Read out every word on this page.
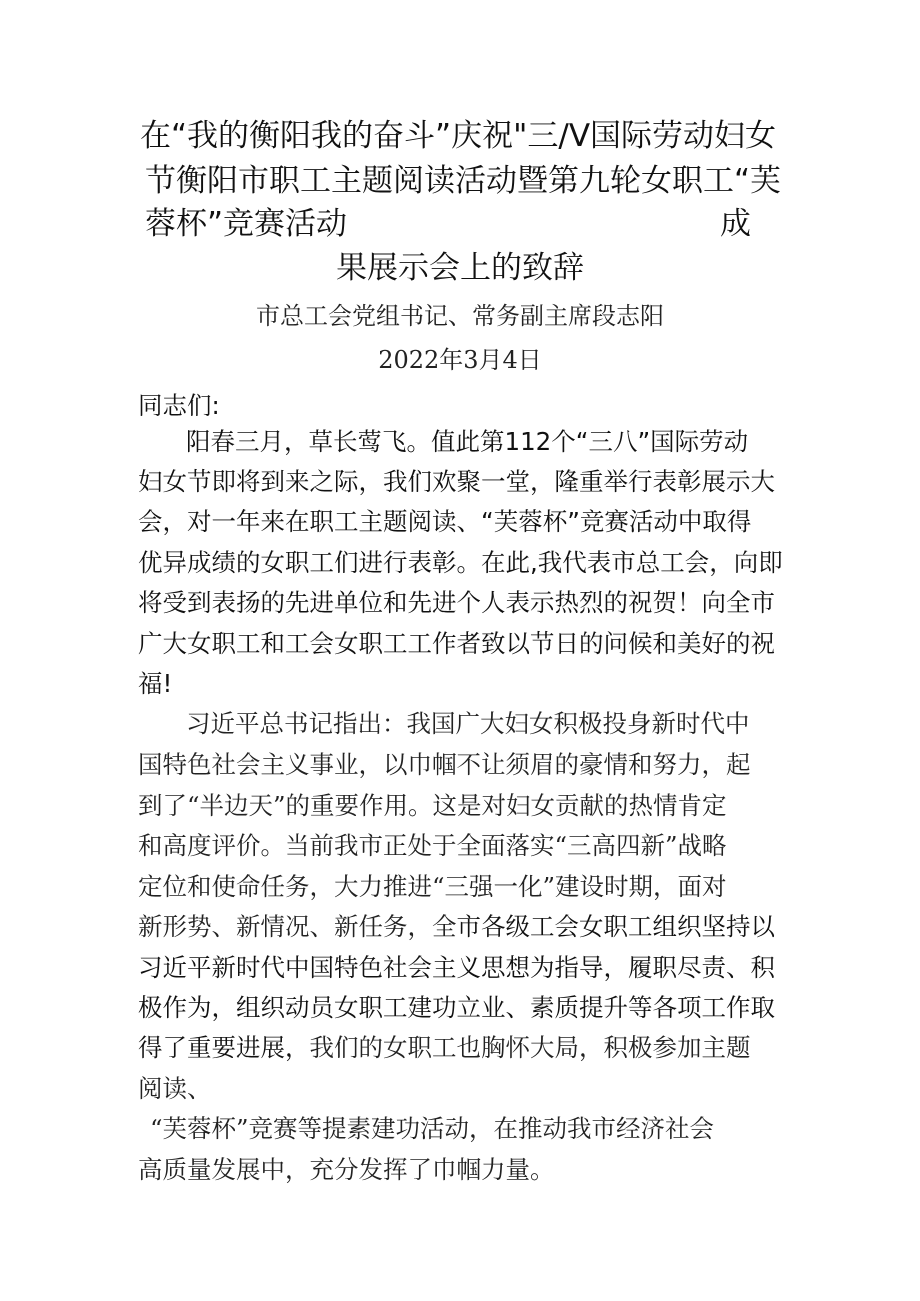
在“我的衡阳我的奋斗”庆祝"三/V国际劳动妇女
节衡阳市职工主题阅读活动暨第九轮女职工“芙
蓉杯”竞赛活动	成
果展示会上的致辞
市总工会党组书记、常务副主席段志阳
2022年3月4日
同志们:
阳春三月，草长莺飞。值此第112个“三八”国际劳动
妇女节即将到来之际，我们欢聚一堂，隆重举行表彰展示大
会，对一年来在职工主题阅读、“芙蓉杯”竞赛活动中取得
优异成绩的女职工们进行表彰。在此,我代表市总工会，向即
将受到表扬的先进单位和先进个人表示热烈的祝贺！向全市
广大女职工和工会女职工工作者致以节日的问候和美好的祝
福!
习近平总书记指出：我国广大妇女积极投身新时代中
国特色社会主义事业，以巾帼不让须眉的豪情和努力，起
到了“半边天”的重要作用。这是对妇女贡献的热情肯定
和高度评价。当前我市正处于全面落实“三高四新”战略
定位和使命任务，大力推进“三强一化”建设时期，面对
新形势、新情况、新任务，全市各级工会女职工组织坚持以
习近平新时代中国特色社会主义思想为指导，履职尽责、积
极作为，组织动员女职工建功立业、素质提升等各项工作取
得了重要进展，我们的女职工也胸怀大局，积极参加主题
阅读、
“芙蓉杯”竞赛等提素建功活动，在推动我市经济社会
高质量发展中，充分发挥了巾帼力量。
